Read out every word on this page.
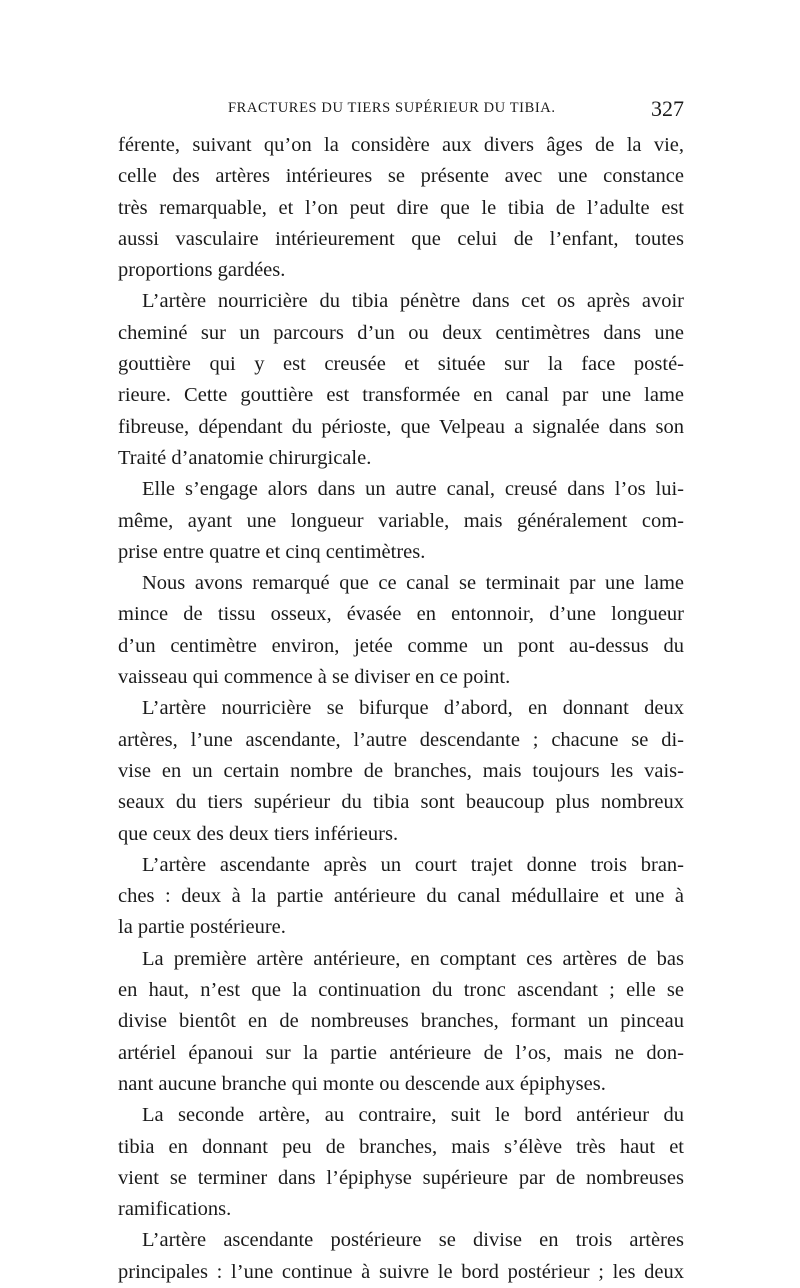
FRACTURES DU TIERS SUPÉRIEUR DU TIBIA.	327
férente, suivant qu’on la considère aux divers âges de la vie,
celle des artères intérieures se présente avec une constance
très remarquable, et l’on peut dire que le tibia de l’adulte est
aussi vasculaire intérieurement que celui de l’enfant, toutes
proportions gardées.
L’artère nourricière du tibia pénètre dans cet os après avoir
cheminé sur un parcours d’un ou deux centimètres dans une
gouttière qui y est creusée et située sur la face posté-
rieure. Cette gouttière est transformée en canal par une lame
fibreuse, dépendant du périoste, que Velpeau a signalée dans son
Traité d’anatomie chirurgicale.
Elle s’engage alors dans un autre canal, creusé dans l’os lui-
même, ayant une longueur variable, mais généralement com-
prise entre quatre et cinq centimètres.
Nous avons remarqué que ce canal se terminait par une lame
mince de tissu osseux, évasée en entonnoir, d’une longueur
d’un centimètre environ, jetée comme un pont au-dessus du
vaisseau qui commence à se diviser en ce point.
L’artère nourricière se bifurque d’abord, en donnant deux
artères, l’une ascendante, l’autre descendante ; chacune se di-
vise en un certain nombre de branches, mais toujours les vais-
seaux du tiers supérieur du tibia sont beaucoup plus nombreux
que ceux des deux tiers inférieurs.
L’artère ascendante après un court trajet donne trois bran-
ches : deux à la partie antérieure du canal médullaire et une à
la partie postérieure.
La première artère antérieure, en comptant ces artères de bas
en haut, n’est que la continuation du tronc ascendant ; elle se
divise bientôt en de nombreuses branches, formant un pinceau
artériel épanoui sur la partie antérieure de l’os, mais ne don-
nant aucune branche qui monte ou descende aux épiphyses.
La seconde artère, au contraire, suit le bord antérieur du
tibia en donnant peu de branches, mais s’élève très haut et
vient se terminer dans l’épiphyse supérieure par de nombreuses
ramifications.
L’artère ascendante postérieure se divise en trois artères
principales : l’une continue à suivre le bord postérieur ; les deux
